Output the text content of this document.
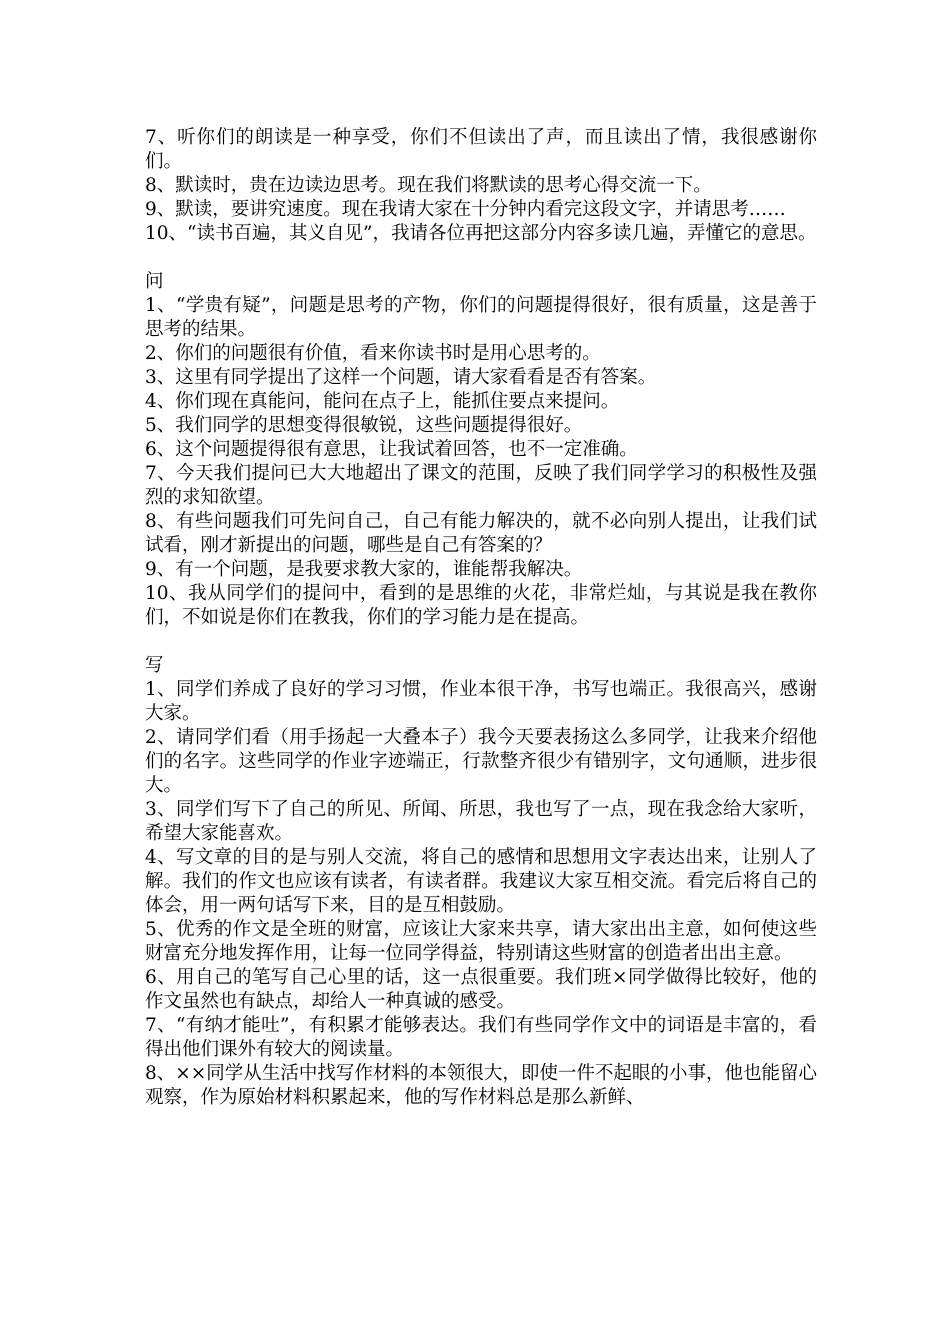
7、听你们的朗读是一种享受，你们不但读出了声，而且读出了情，我很感谢你们。

8、默读时，贵在边读边思考。现在我们将默读的思考心得交流一下。

9、默读，要讲究速度。现在我请大家在十分钟内看完这段文字，并请思考……

10、“读书百遍，其义自见”，我请各位再把这部分内容多读几遍，弄懂它的意思。

问

1、“学贵有疑”，问题是思考的产物，你们的问题提得很好，很有质量，这是善于思考的结果。

2、你们的问题很有价值，看来你读书时是用心思考的。

3、这里有同学提出了这样一个问题，请大家看看是否有答案。

4、你们现在真能问，能问在点子上，能抓住要点来提问。

5、我们同学的思想变得很敏锐，这些问题提得很好。

6、这个问题提得很有意思，让我试着回答，也不一定准确。

7、今天我们提问已大大地超出了课文的范围，反映了我们同学学习的积极性及强烈的求知欲望。

8、有些问题我们可先问自己，自己有能力解决的，就不必向别人提出，让我们试试看，刚才新提出的问题，哪些是自己有答案的？

9、有一个问题，是我要求教大家的，谁能帮我解决。

10、我从同学们的提问中，看到的是思维的火花，非常烂灿，与其说是我在教你们，不如说是你们在教我，你们的学习能力是在提高。

写

1、同学们养成了良好的学习习惯，作业本很干净，书写也端正。我很高兴，感谢大家。

2、请同学们看（用手扬起一大叠本子）我今天要表扬这么多同学，让我来介绍他们的名字。这些同学的作业字迹端正，行款整齐很少有错别字，文句通顺，进步很大。

3、同学们写下了自己的所见、所闻、所思，我也写了一点，现在我念给大家听，希望大家能喜欢。

4、写文章的目的是与别人交流，将自己的感情和思想用文字表达出来，让别人了解。我们的作文也应该有读者，有读者群。我建议大家互相交流。看完后将自己的体会，用一两句话写下来，目的是互相鼓励。

5、优秀的作文是全班的财富，应该让大家来共享，请大家出出主意，如何使这些财富充分地发挥作用，让每一位同学得益，特别请这些财富的创造者出出主意。

6、用自己的笔写自己心里的话，这一点很重要。我们班×同学做得比较好，他的作文虽然也有缺点，却给人一种真诚的感受。

7、“有纳才能吐”，有积累才能够表达。我们有些同学作文中的词语是丰富的，看得出他们课外有较大的阅读量。

8、××同学从生活中找写作材料的本领很大，即使一件不起眼的小事，他也能留心观察，作为原始材料积累起来，他的写作材料总是那么新鲜、
